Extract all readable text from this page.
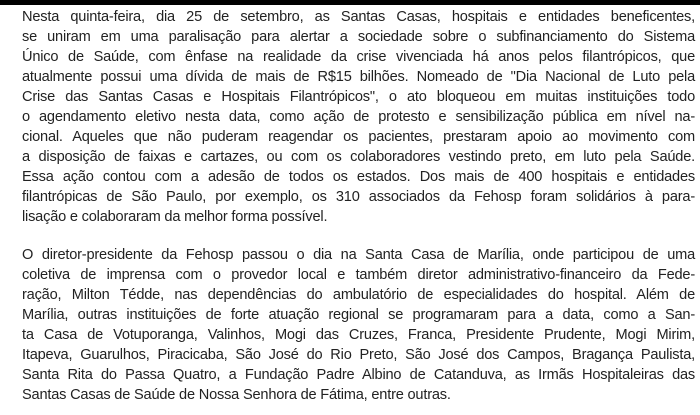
Nesta quinta-feira, dia 25 de setembro, as Santas Casas, hospitais e entidades beneficentes,
se uniram em uma paralisação para alertar a sociedade sobre o subfinanciamento do Sistema
Único de Saúde, com ênfase na realidade da crise vivenciada há anos pelos filantrópicos, que
atualmente possui uma dívida de mais de R$15 bilhões. Nomeado de "Dia Nacional de Luto pela
Crise das Santas Casas e Hospitais Filantrópicos", o ato bloqueou em muitas instituições todo
o agendamento eletivo nesta data, como ação de protesto e sensibilização pública em nível na-
cional. Aqueles que não puderam reagendar os pacientes, prestaram apoio ao movimento com
a disposição de faixas e cartazes, ou com os colaboradores vestindo preto, em luto pela Saúde.
Essa ação contou com a adesão de todos os estados. Dos mais de 400 hospitais e entidades
filantrópicas de São Paulo, por exemplo, os 310 associados da Fehosp foram solidários à para-
lisação e colaboraram da melhor forma possível.
O diretor-presidente da Fehosp passou o dia na Santa Casa de Marília, onde participou de uma
coletiva de imprensa com o provedor local e também diretor administrativo-financeiro da Fede-
ração, Milton Tédde, nas dependências do ambulatório de especialidades do hospital. Além de
Marília, outras instituições de forte atuação regional se programaram para a data, como a San-
ta Casa de Votuporanga, Valinhos, Mogi das Cruzes, Franca, Presidente Prudente, Mogi Mirim,
Itapeva, Guarulhos, Piracicaba, São José do Rio Preto, São José dos Campos, Bragança Paulista,
Santa Rita do Passa Quatro, a Fundação Padre Albino de Catanduva, as Irmãs Hospitaleiras das
Santas Casas de Saúde de Nossa Senhora de Fátima, entre outras.
